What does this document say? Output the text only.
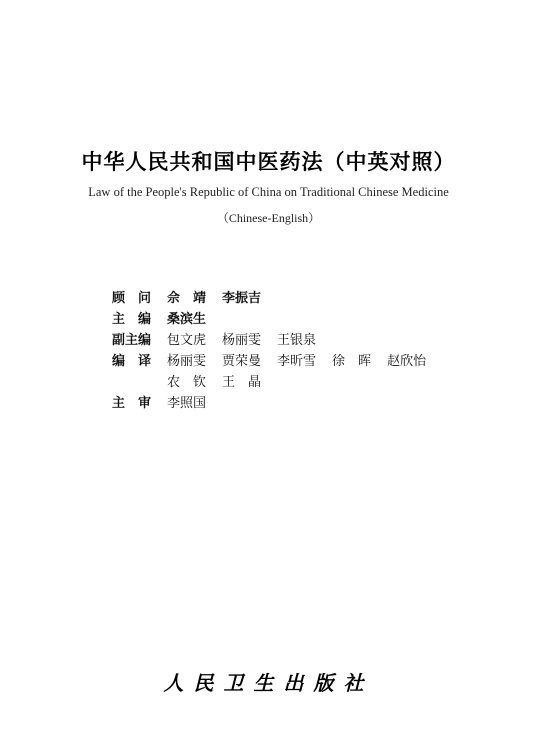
中华人民共和国中医药法（中英对照）
Law of the People's Republic of China on Traditional Chinese Medicine
（Chinese-English）
顾　问	佘　靖 李振吉
主　编	桑滨生
副主编	包文虎 杨丽雯 王银泉
编　译	杨丽雯 贾荣曼 李昕雪 徐　晖 赵欣怡
农　钦 王　晶
主　审	李照国
人民卫生出版社
